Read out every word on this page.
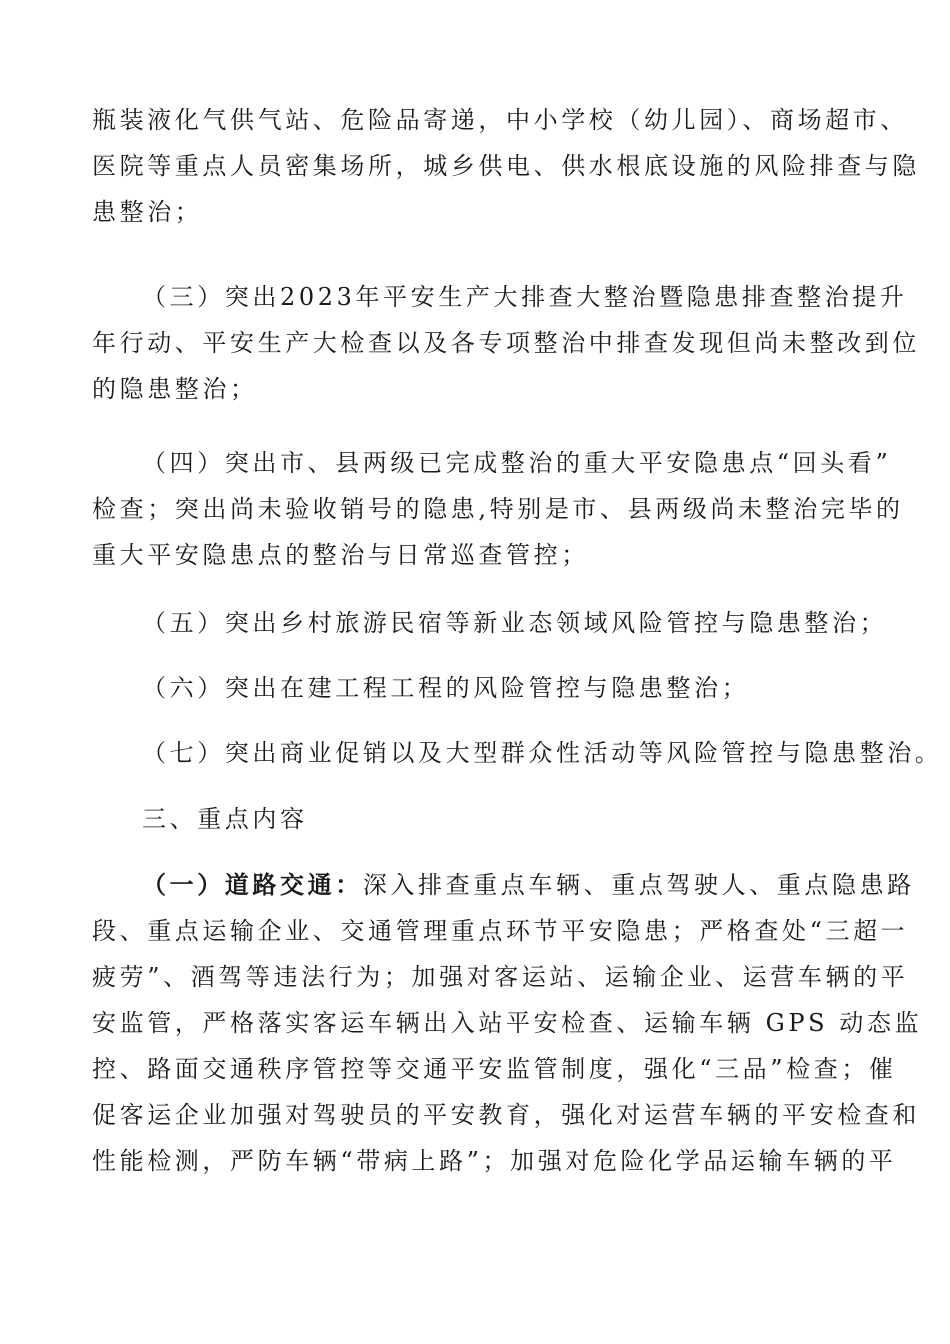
瓶装液化气供气站、危险品寄递，中小学校（幼儿园）、商场超市、
医院等重点人员密集场所，城乡供电、供水根底设施的风险排查与隐
患整治；
（三）突出2023年平安生产大排查大整治暨隐患排查整治提升
年行动、平安生产大检查以及各专项整治中排查发现但尚未整改到位
的隐患整治；
（四）突出市、县两级已完成整治的重大平安隐患点“回头看”
检查；突出尚未验收销号的隐患,特别是市、县两级尚未整治完毕的
重大平安隐患点的整治与日常巡查管控；
（五）突出乡村旅游民宿等新业态领域风险管控与隐患整治；
（六）突出在建工程工程的风险管控与隐患整治；
（七）突出商业促销以及大型群众性活动等风险管控与隐患整治。
三、重点内容
（一）道路交通：深入排查重点车辆、重点驾驶人、重点隐患路
段、重点运输企业、交通管理重点环节平安隐患；严格查处“三超一
疲劳”、酒驾等违法行为；加强对客运站、运输企业、运营车辆的平
安监管，严格落实客运车辆出入站平安检查、运输车辆 GPS 动态监
控、路面交通秩序管控等交通平安监管制度，强化“三品”检查；催
促客运企业加强对驾驶员的平安教育，强化对运营车辆的平安检查和
性能检测，严防车辆“带病上路”；加强对危险化学品运输车辆的平
